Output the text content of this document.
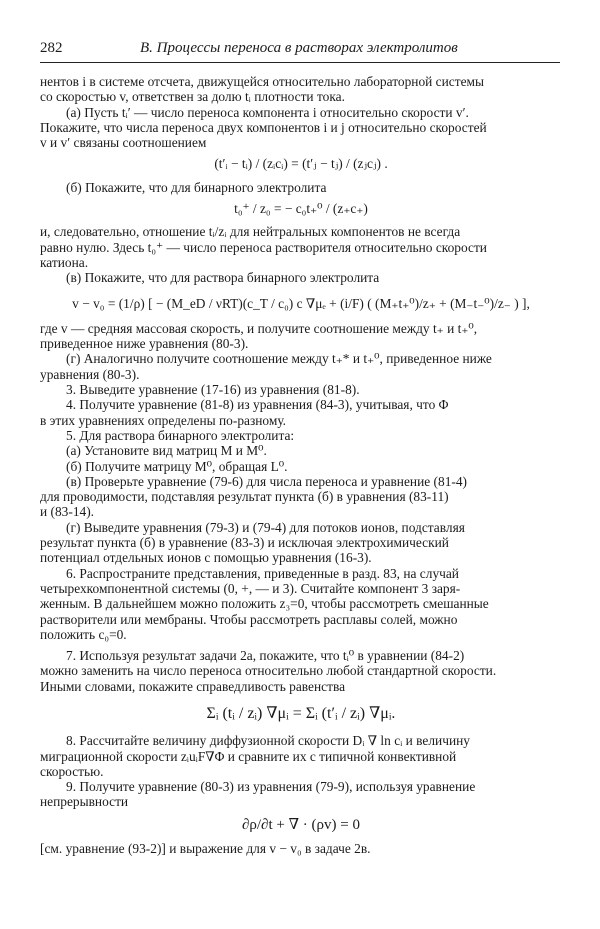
282	В. Процессы переноса в растворах электролитов

нентов i в системе отсчета, движущейся относительно лабораторной системы

со скоростью v, ответствен за долю tᵢ плотности тока.

(а) Пусть tᵢ′ — число переноса компонента i относительно скорости v′.

Покажите, что числа переноса двух компонентов i и j относительно скоростей

v и v′ связаны соотношением

(t′ᵢ − tᵢ) / (zᵢcᵢ) = (t′ⱼ − tⱼ) / (zⱼcⱼ) .

(б) Покажите, что для бинарного электролита

t₀⁺ / z₀ = − c₀t₊⁰ / (z₊c₊)

и, следовательно, отношение tᵢ/zᵢ для нейтральных компонентов не всегда

равно нулю. Здесь t₀⁺ — число переноса растворителя относительно скорости

катиона.

(в) Покажите, что для раствора бинарного электролита

v − v₀ = (1/ρ) [ − (M_eD / νRT)(c_T / c₀) c ∇μₑ + (i/F) ( (M₊t₊⁰)/z₊ + (M₋t₋⁰)/z₋ ) ],

где v — средняя массовая скорость, и получите соотношение между t₊ и t₊⁰,

приведенное ниже уравнения (80-3).

(г) Аналогично получите соотношение между t₊* и t₊⁰, приведенное ниже

уравнения (80-3).

3. Выведите уравнение (17-16) из уравнения (81-8).

4. Получите уравнение (81-8) из уравнения (84-3), учитывая, что Φ

в этих уравнениях определены по-разному.

5. Для раствора бинарного электролита:

(а) Установите вид матриц M и M⁰.

(б) Получите матрицу M⁰, обращая L⁰.

(в) Проверьте уравнение (79-6) для числа переноса и уравнение (81-4)

для проводимости, подставляя результат пункта (б) в уравнения (83-11)

и (83-14).

(г) Выведите уравнения (79-3) и (79-4) для потоков ионов, подставляя

результат пункта (б) в уравнение (83-3) и исключая электрохимический

потенциал отдельных ионов с помощью уравнения (16-3).

6. Распространите представления, приведенные в разд. 83, на случай

четырехкомпонентной системы (0, +, — и 3). Считайте компонент 3 заря-

женным. В дальнейшем можно положить z₃=0, чтобы рассмотреть смешанные

растворители или мембраны. Чтобы рассмотреть расплавы солей, можно

положить c₀=0.

7. Используя результат задачи 2а, покажите, что tᵢ⁰ в уравнении (84-2)

можно заменить на число переноса относительно любой стандартной скорости.

Иными словами, покажите справедливость равенства

Σᵢ (tᵢ / zᵢ) ∇μᵢ = Σᵢ (t′ᵢ / zᵢ) ∇μᵢ.

8. Рассчитайте величину диффузионной скорости Dᵢ ∇ ln cᵢ и величину

миграционной скорости zᵢuᵢF∇Φ и сравните их с типичной конвективной

скоростью.

9. Получите уравнение (80-3) из уравнения (79-9), используя уравнение

непрерывности

∂ρ/∂t + ∇ · (ρv) = 0

[см. уравнение (93-2)] и выражение для v − v₀ в задаче 2в.
